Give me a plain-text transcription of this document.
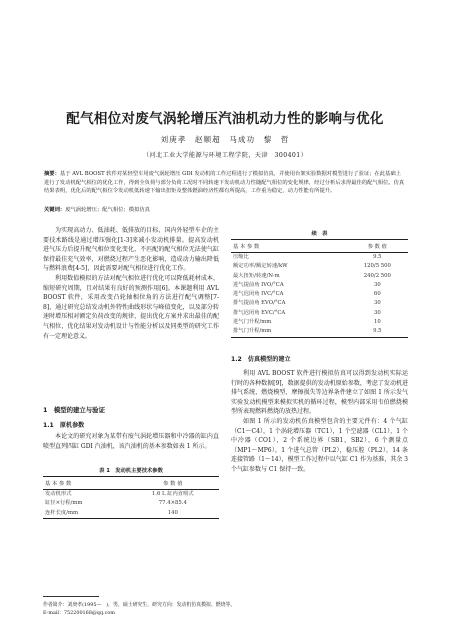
配气相位对废气涡轮增压汽油机动力性的影响与优化
刘庚孝　赵顺超　马成功　黎　哲
（河北工业大学能源与环境工程学院，天津　300401）
摘要：基于 AVL BOOST 软件对某轻型车用废气涡轮增压 GDI 发动机的工作过程进行了模拟仿真，并使用台架实验数据对模型进行了验证；在此基础上进行了发动机配气相位的优化工作，得到全负荷与部分负荷工况时不同转速下发动机动力性随配气相位的变化规律，经过分析后求得最佳的配气相位。仿真结果表明，优化后的配气相位令发动机低转速下输出扭矩及整体燃油经济性都有所提高，工作重为稳定，动力性能有所提升。
关键词：废气涡轮增压；配气相位；模拟仿真

为实现高动力、低油耗、低排放的目标，国内外轻型车企的主要技术路线是通过增压强化[1-3]来减小发动机排量。提高发动机进气压力后提升配气相位变化变化，不匹配的配气相位无法使气缸保持最佳充气效率，对燃烧过程产生恶化影响，造成动力输出降低与燃料浪费[4-5]，因此需要对配气相位进行优化工作。

利用数值模拟的方法对配气相位进行优化可以降低耗材成本，缩短研究周期，且对结果有良好的预测作用[6]。本课题利用 AVL BOOST 软件，采用改变凸轮轴相位角的方法进行配气调整[7-8]，通过研究总结发动机外特性曲线形状与峰值变化，以及部分转速时增压相对额定负荷改变的规律，提出优化方案并求出最佳的配气相位，优化结果对发动机设计与性能分析以及同类型的研究工作有一定理论意义。

1　模型的建立与验证
1.1　原机参数

本论文的研究对象为某带有废气涡轮增压器和中冷器的缸内直喷型直列四缸 GDI 汽油机，该汽油机的基本参数如表 1 所示。

表 1　发动机主要技术参数
基 本 参 数	参 数 值
发动机形式	1.6 L 缸内直喷式
缸径×行程/mm	77.4×85.4
连杆长度/mm	140
续　表
基 本 参 数	参 数 值
压缩比	9.5
额定功率/额定转速/kW	120/5 500
最大扭矩/转速/N·m	240/2 500
进气提前角 IVO/°CA	30
进气迟闭角 IVC/°CA	60
排气提前角 EVO/°CA	30
排气迟闭角 EVC/°CA	30
进气门升程/mm	10
排气门升程/mm	9.5
1.2　仿真模型的建立

利用 AVL BOOST 软件进行模拟仿真可以得到发动机实际运行时的各种数据[9]，数据提供的发动机原始参数，考虑了发动机进排气系统、燃烧模型、摩擦损失等边界条件建立了如图 1 所示发气实验发动机模型来模拟实机的循环过程，模型内部采用韦伯燃烧模型所表现燃料燃烧的放热过程。

如图 1 所示的发动机仿真模型包含的主要元件有：4 个气缸（C1～C4），1 个涡轮增压器（TC1），1 个空滤器（CL1），1 个中冷器（CO1），2 个系统边界（SB1，SB2），6 个测量点（MP1～MP6），1 个进气总管（PL2），稳压腔（PL2），14 条连接管路（1～14），模型工作过程中以气缸 C1 作为基准，其余 3 个气缸参数与 C1 保持一致。

作者简介：刘庚孝(1995—　)，男，硕士研究生，研究方向：发动机仿真模拟、燃烧等。
E-mail：752200168@qq.com
